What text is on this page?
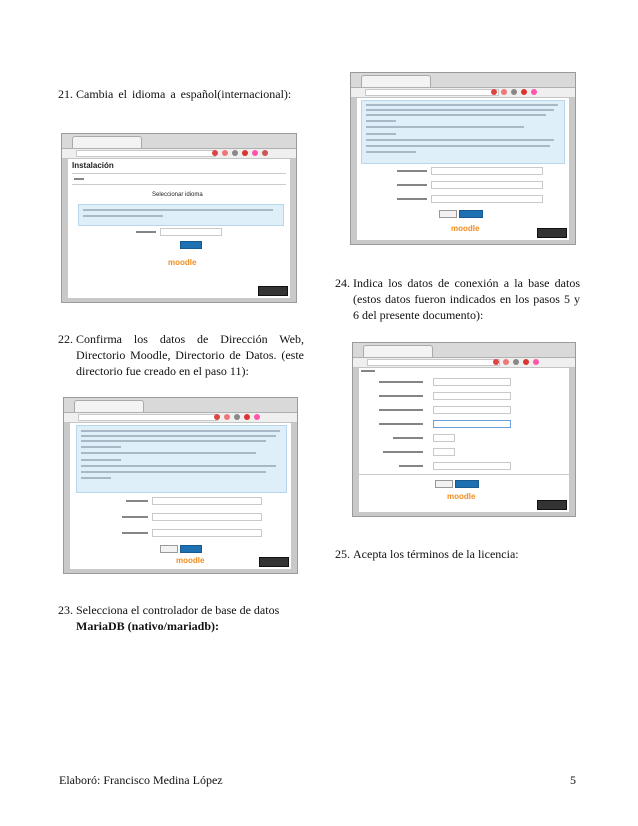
21. Cambia el idioma a español(internacional):
Instalación
Seleccionar idioma
moodle
22. Confirma los datos de Dirección Web, Directorio Moodle, Directorio de Datos. (este directorio fue creado en el paso 11):
moodle
23. Selecciona el controlador de base de datos
MariaDB (nativo/mariadb):
moodle
24. Indica los datos de conexión a la base datos (estos datos fueron indicados en los pasos 5 y 6 del presente documento):
moodle
25. Acepta los términos de la licencia:
Elaboró: Francisco Medina López	5
